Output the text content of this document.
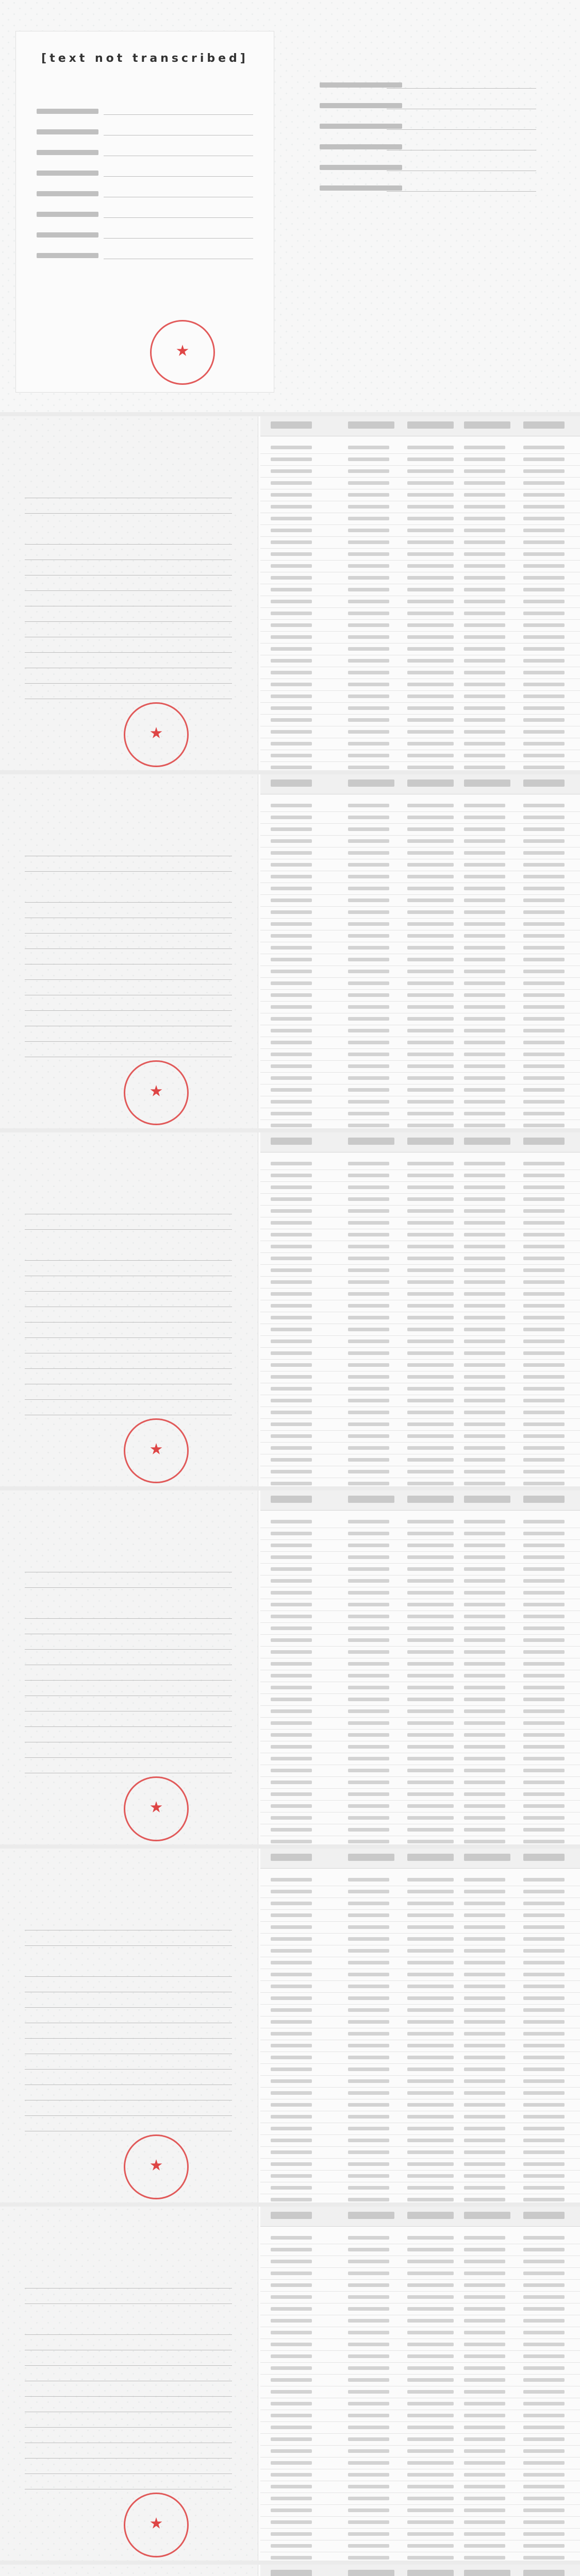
[text not transcribed]
